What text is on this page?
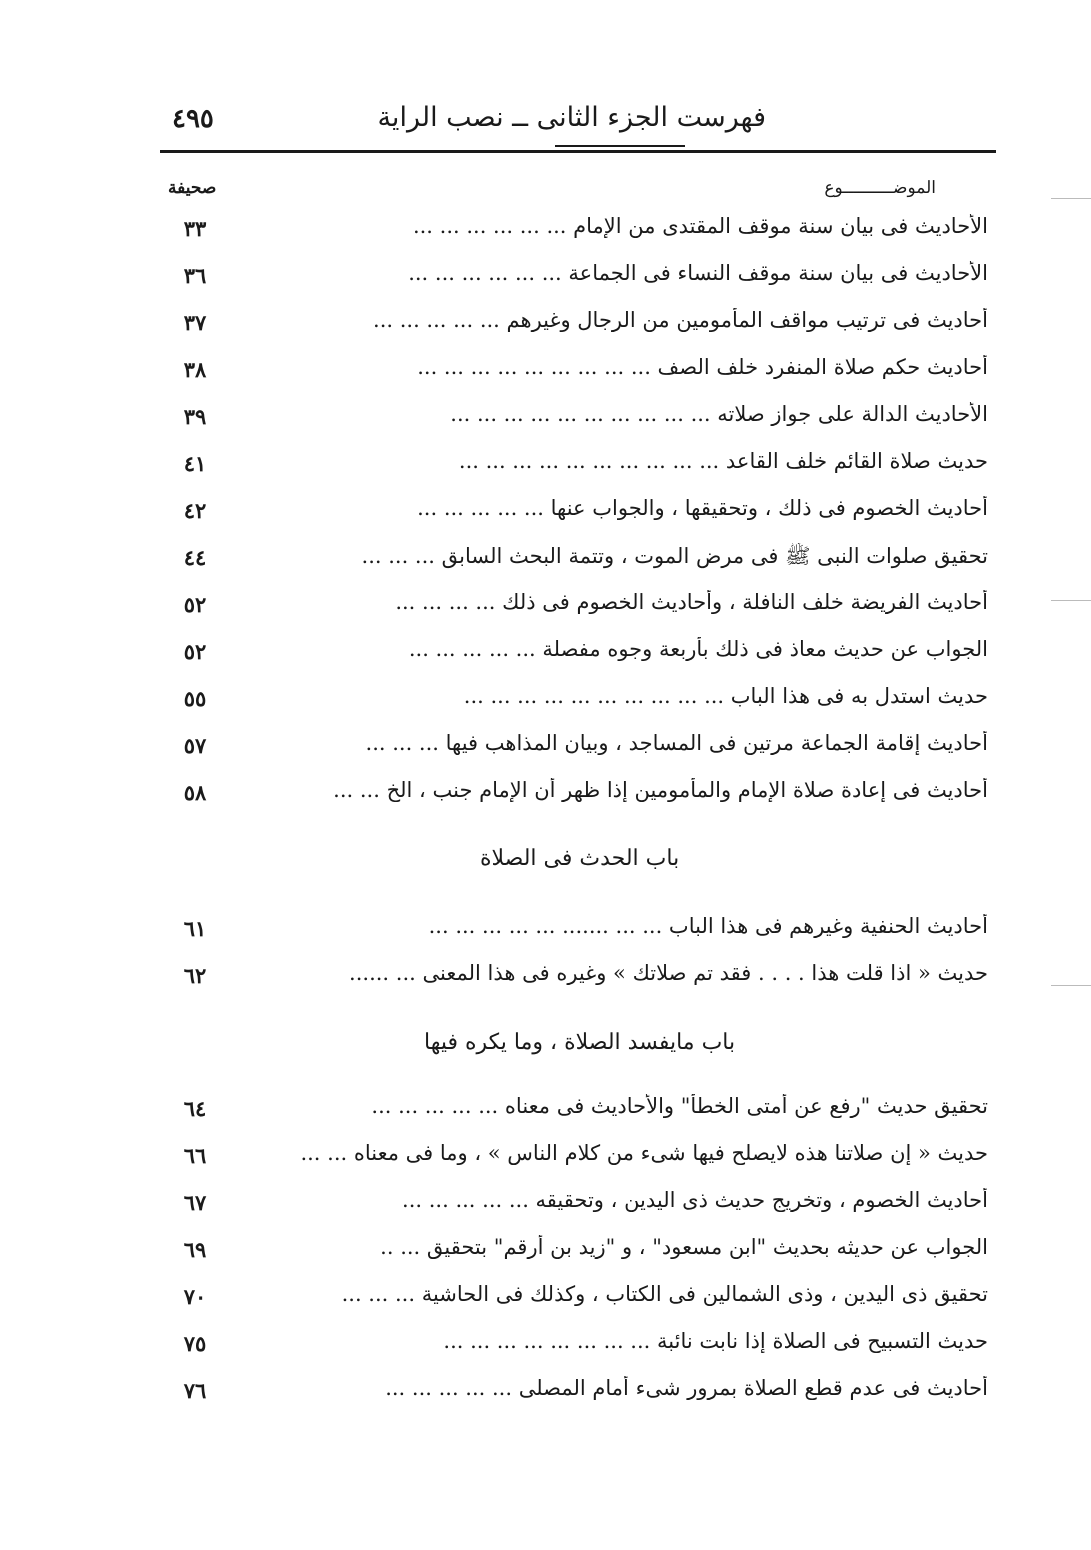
فهرست الجزء الثانى ــ نصب الراية
٤٩٥
الموضــــــــــوع
صحيفة
الأحاديث فى بيان سنة موقف المقتدى من الإمام ... ... ... ... ... ...
٣٣
الأحاديث فى بيان سنة موقف النساء فى الجماعة ... ... ... ... ... ...
٣٦
أحاديث فى ترتيب مواقف المأمومين من الرجال وغيرهم ... ... ... ... ...
٣٧
أحاديث حكم صلاة المنفرد خلف الصف ... ... ... ... ... ... ... ... ...
٣٨
الأحاديث الدالة على جواز صلاته ... ... ... ... ... ... ... ... ... ...
٣٩
حديث صلاة القائم خلف القاعد ... ... ... ... ... ... ... ... ... ...
٤١
أحاديث الخصوم فى ذلك ، وتحقيقها ، والجواب عنها ... ... ... ... ...
٤٢
تحقيق صلوات النبى ﷺ فى مرض الموت ، وتتمة البحث السابق ... ... ...
٤٤
أحاديث الفريضة خلف النافلة ، وأحاديث الخصوم فى ذلك ... ... ... ...
٥٢
الجواب عن حديث معاذ فى ذلك بأربعة وجوه مفصلة ... ... ... ... ...
٥٢
حديث استدل به فى هذا الباب ... ... ... ... ... ... ... ... ... ...
٥٥
أحاديث إقامة الجماعة مرتين فى المساجد ، وبيان المذاهب فيها ... ... ...
٥٧
أحاديث فى إعادة صلاة الإمام والمأمومين إذا ظهر أن الإمام جنب ، الخ ... ...
٥٨
باب الحدث فى الصلاة
أحاديث الحنفية وغيرهم فى هذا الباب ... ... ....... ... ... ... ... ...
٦١
حديث « اذا قلت هذا . . . . فقد تم صلاتك » وغيره فى هذا المعنى ... ......
٦٢
باب مايفسد الصلاة ، وما يكره فيها
تحقيق حديث "رفع عن أمتى الخطأ" والأحاديث فى معناه ... ... ... ... ...
٦٤
حديث « إن صلاتنا هذه لايصلح فيها شىء من كلام الناس » ، وما فى معناه ... ...
٦٦
أحاديث الخصوم ، وتخريج حديث ذى اليدين ، وتحقيقه ... ... ... ... ...
٦٧
الجواب عن حديثه بحديث "ابن مسعود" ، و "زيد بن أرقم" بتحقيق ... ..
٦٩
تحقيق ذى اليدين ، وذى الشمالين فى الكتاب ، وكذلك فى الحاشية ... ... ...
٧٠
حديث التسبيح فى الصلاة إذا نابت نائبة ... ... ... ... ... ... ... ...
٧٥
أحاديث فى عدم قطع الصلاة بمرور شىء أمام المصلى ... ... ... ... ...
٧٦
